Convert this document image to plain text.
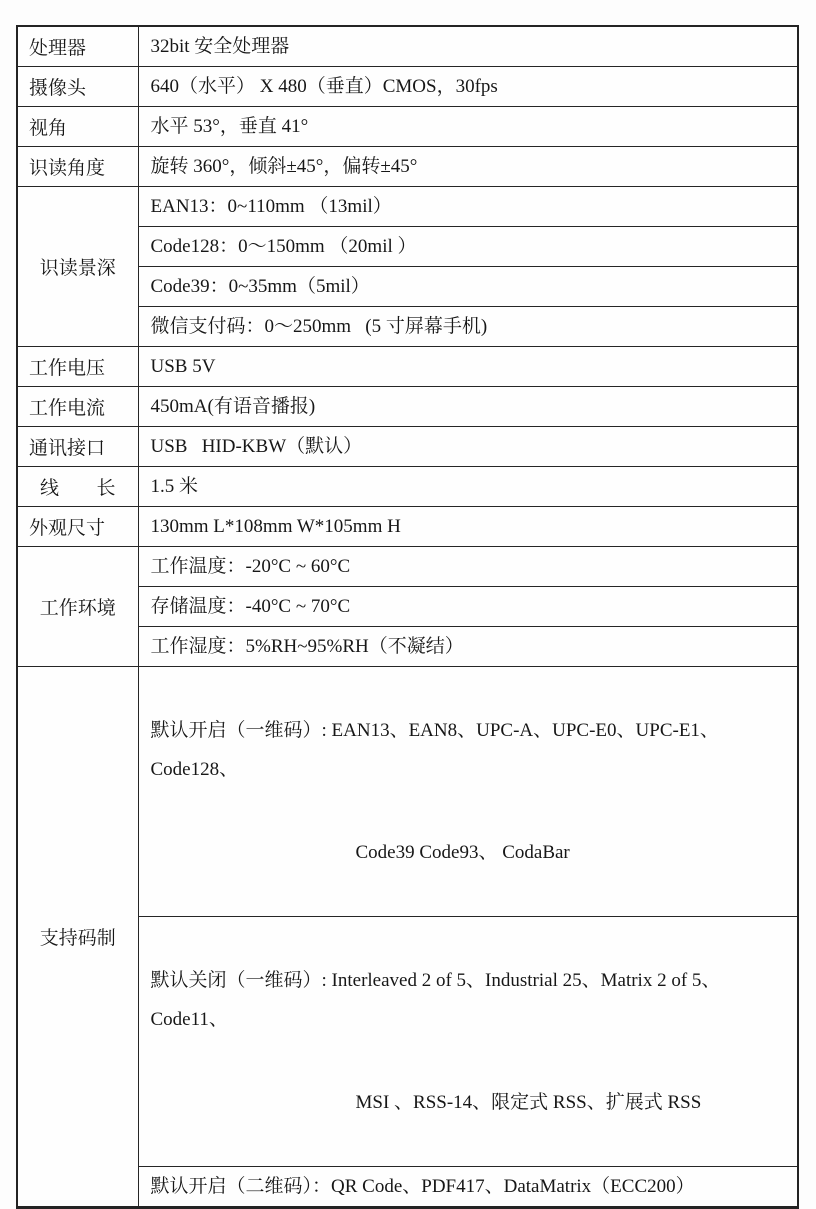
处理器	32bit 安全处理器
摄像头	640（水平） X 480（垂直）CMOS，30fps
视角	水平 53°，垂直 41°
识读角度	旋转 360°，倾斜±45°，偏转±45°
识读景深	EAN13：0~110mm （13mil）
	Code128：0～150mm （20mil ）
	Code39：0~35mm（5mil）
	微信支付码：0～250mm   (5 寸屏幕手机)
工作电压	USB 5V
工作电流	450mA(有语音播报)
通讯接口	USB   HID-KBW（默认）

线　长	1.5 米
外观尺寸	130mm L*108mm W*105mm H
工作环境	工作温度：-20°C ~ 60°C
	存储温度：-40°C ~ 70°C
	工作湿度：5%RH~95%RH（不凝结）
支持码制	默认开启（一维码）: EAN13、EAN8、UPC-A、UPC-E0、UPC-E1、Code128、

Code39 Code93、 CodaBar

	默认关闭（一维码）: Interleaved 2 of 5、Industrial 25、Matrix 2 of 5、Code11、

MSI 、RSS-14、限定式 RSS、扩展式 RSS

	默认开启（二维码）：QR Code、PDF417、DataMatrix（ECC200）
